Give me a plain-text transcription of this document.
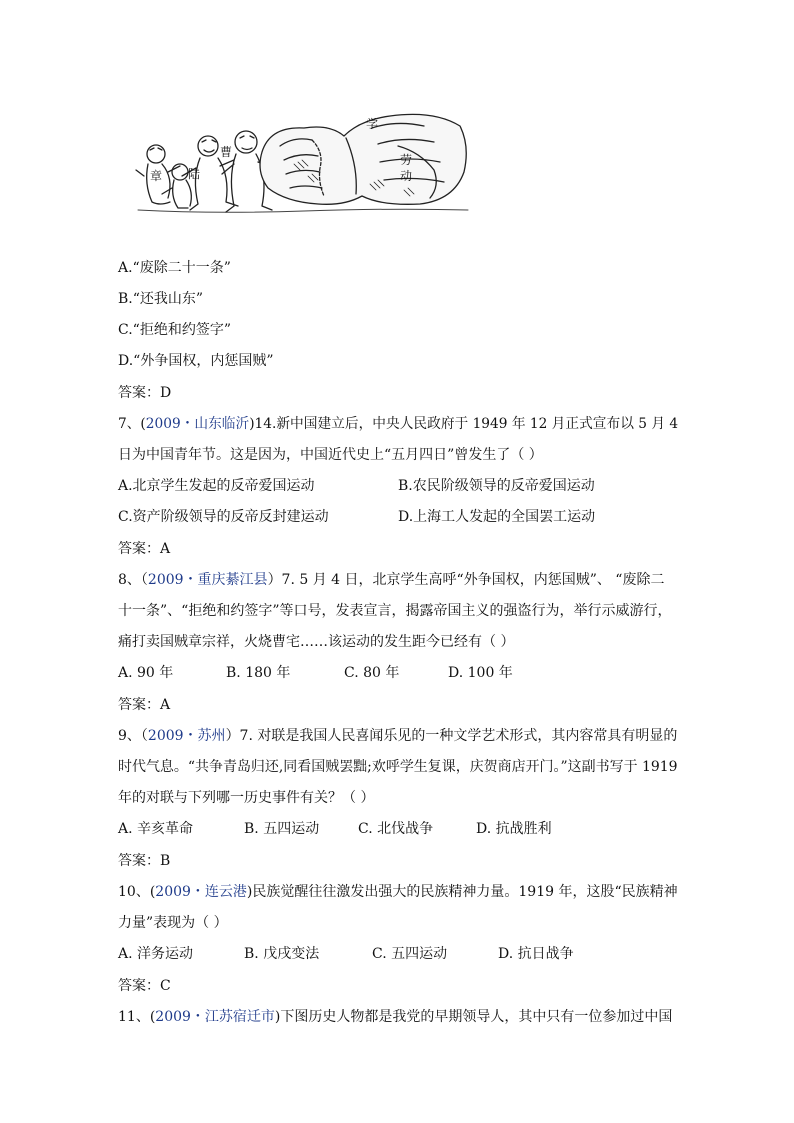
曹
陆
章
学
劳
动
A.“废除二十一条”
B.“还我山东”
C.“拒绝和约签字”
D.“外争国权，内惩国贼”
答案：D
7、(2009・山东临沂)14.新中国建立后，中央人民政府于 1949 年 12 月正式宣布以 5 月 4
日为中国青年节。这是因为，中国近代史上“五月四日”曾发生了（ ）
A.北京学生发起的反帝爱国运动	B.农民阶级领导的反帝爱国运动
C.资产阶级领导的反帝反封建运动	D.上海工人发起的全国罢工运动
答案：A
8、（2009・重庆綦江县）7. 5 月 4 日，北京学生高呼“外争国权，内惩国贼”、 “废除二
十一条”、“拒绝和约签字”等口号，发表宣言，揭露帝国主义的强盗行为，举行示威游行，
痛打卖国贼章宗祥，火烧曹宅……该运动的发生距今已经有（ ）
A. 90 年	B. 180 年	C. 80 年	D. 100 年
答案：A
9、（2009・苏州）7. 对联是我国人民喜闻乐见的一种文学艺术形式，其内容常具有明显的
时代气息。“共争青岛归还,同看国贼罢黜;欢呼学生复课，庆贺商店开门。”这副书写于 1919
年的对联与下列哪一历史事件有关？（ ）
A. 辛亥革命	B. 五四运动	C. 北伐战争	D. 抗战胜利
答案：B
10、(2009・连云港)民族觉醒往往激发出强大的民族精神力量。1919 年，这股“民族精神
力量”表现为（ ）
A. 洋务运动	B. 戊戌变法	C. 五四运动	D. 抗日战争
答案：C
11、(2009・江苏宿迁市)下图历史人物都是我党的早期领导人，其中只有一位参加过中国
